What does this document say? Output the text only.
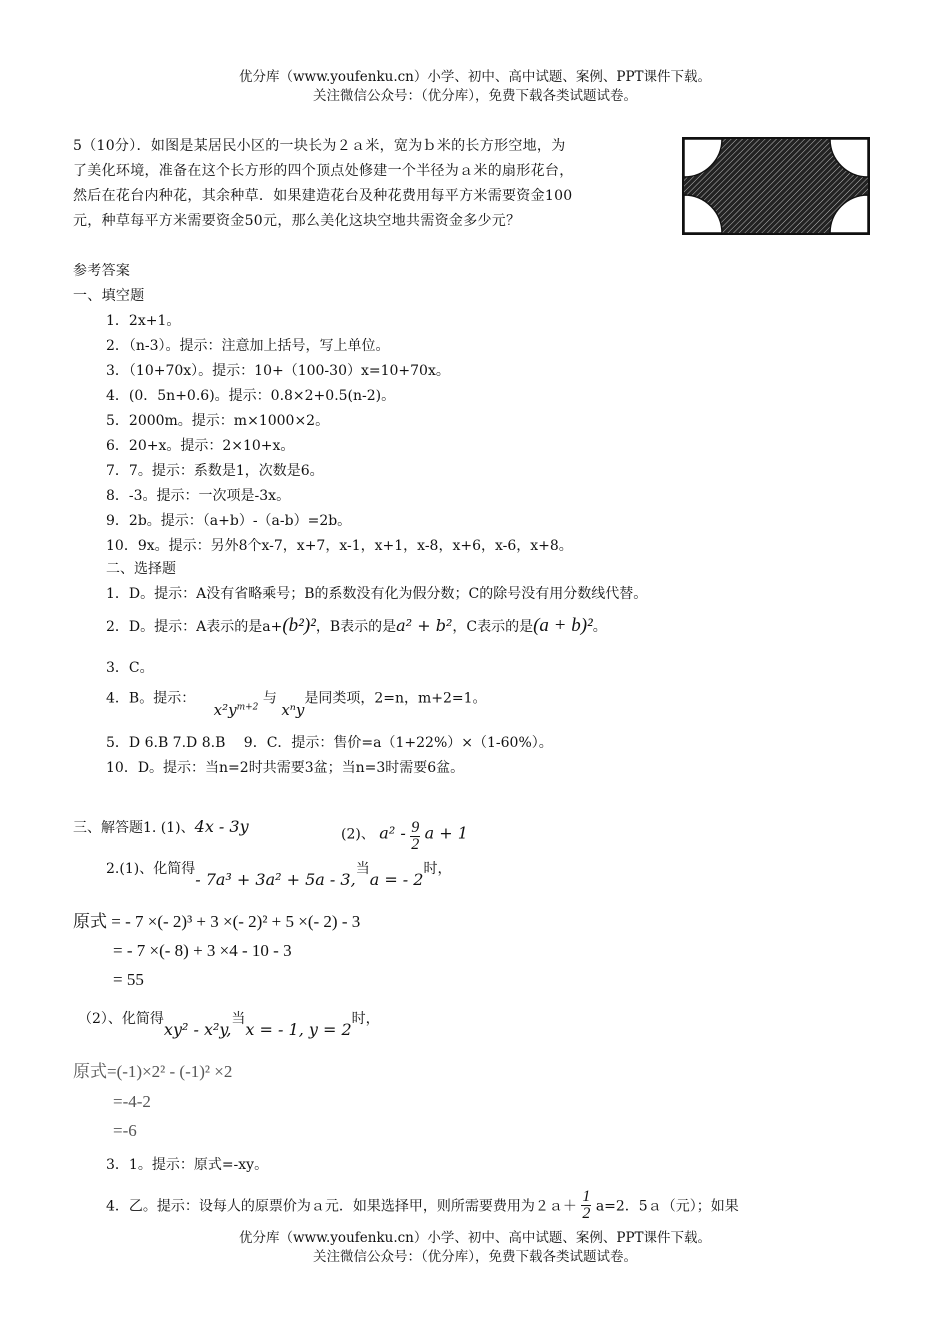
优分库（www.youfenku.cn）小学、初中、高中试题、案例、PPT课件下载。
关注微信公众号：（优分库），免费下载各类试题试卷。
5（10分）．如图是某居民小区的一块长为２ａ米，宽为ｂ米的长方形空地，为
了美化环境，准备在这个长方形的四个顶点处修建一个半径为ａ米的扇形花台，
然后在花台内种花，其余种草．如果建造花台及种花费用每平方米需要资金100
元，种草每平方米需要资金50元，那么美化这块空地共需资金多少元？
参考答案
一、填空题
1．2x+1。
2．（n-3）。提示：注意加上括号，写上单位。
3．（10+70x）。提示：10+（100-30）x=10+70x。
4．(0．5n+0.6)。提示：0.8×2+0.5(n-2)。
5．2000m。提示：m×1000×2。
6．20+x。提示：2×10+x。
7．7。提示：系数是1，次数是6。
8．-3。提示：一次项是-3x。
9．2b。提示：（a+b）-（a-b）=2b。
10．9x。提示：另外8个x-7，x+7，x-1，x+1，x-8，x+6，x-6，x+8。
二、选择题
1．D。提示：A没有省略乘号；B的系数没有化为假分数；C的除号没有用分数线代替。
2．D。提示：A表示的是a+(b²)²，B表示的是a² + b²，C表示的是(a + b)²。
3．C。
4．B。提示： $x^2y^{m+2}$ 与 xⁿy是同类项，2=n，m+2=1。
5．D 6.B 7.D 8.B　 9．C．提示：售价=a（1+22%）×（1-60%）。
10．D。提示：当n=2时共需要3盆；当n=3时需要6盆。
三、解答题1. (1)、4x - 3y	(2)、 $a^2 - \frac{9}{2}$ a + 1
2.(1)、化简得- 7a³ + 3a² + 5a - 3,当a = - 2时，
原式 = - 7 ×(- 2)³ + 3 ×(- 2)² + 5 ×(- 2) - 3
= - 7 ×(- 8) + 3 ×4 - 10 - 3
= 55
（2）、化简得xy² - x²y,当x = - 1, y = 2时，
原式=(-1)×2² - (-1)² ×2
=-4-2
=-6
3．1。提示：原式=-xy。
4．乙。提示：设每人的原票价为ａ元．如果选择甲，则所需要费用为２ａ＋ $\frac{1}{2} a=2$．5ａ（元）；如果
优分库（www.youfenku.cn）小学、初中、高中试题、案例、PPT课件下载。
关注微信公众号：（优分库），免费下载各类试题试卷。
